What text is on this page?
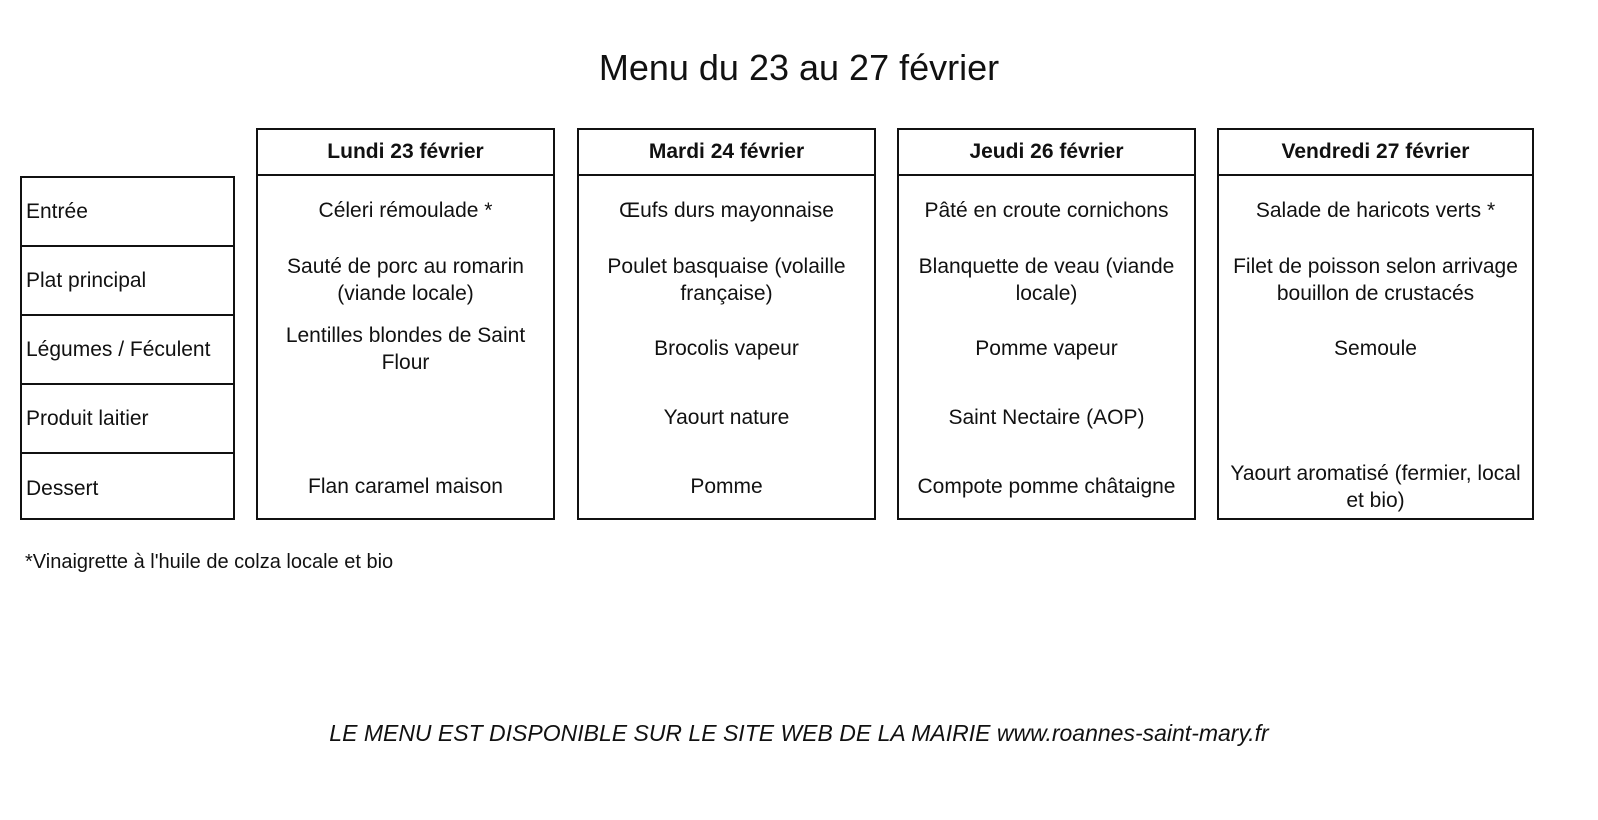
Menu du 23 au 27 février
Entrée
Plat principal
Légumes / Féculent
Produit laitier
Dessert
Lundi 23 février
Céleri rémoulade *
Sauté de porc au romarin (viande locale)
Lentilles blondes de Saint Flour
Flan caramel maison
Mardi 24 février
Œufs durs mayonnaise
Poulet basquaise (volaille française)
Brocolis vapeur
Yaourt nature
Pomme
Jeudi 26 février
Pâté en croute cornichons
Blanquette de veau (viande locale)
Pomme vapeur
Saint Nectaire (AOP)
Compote pomme châtaigne
Vendredi 27 février
Salade de haricots verts *
Filet de poisson selon arrivage bouillon de crustacés
Semoule
Yaourt aromatisé (fermier, local et bio)
*Vinaigrette à l'huile de colza locale et bio
LE MENU EST DISPONIBLE SUR LE SITE WEB DE LA MAIRIE www.roannes-saint-mary.fr
